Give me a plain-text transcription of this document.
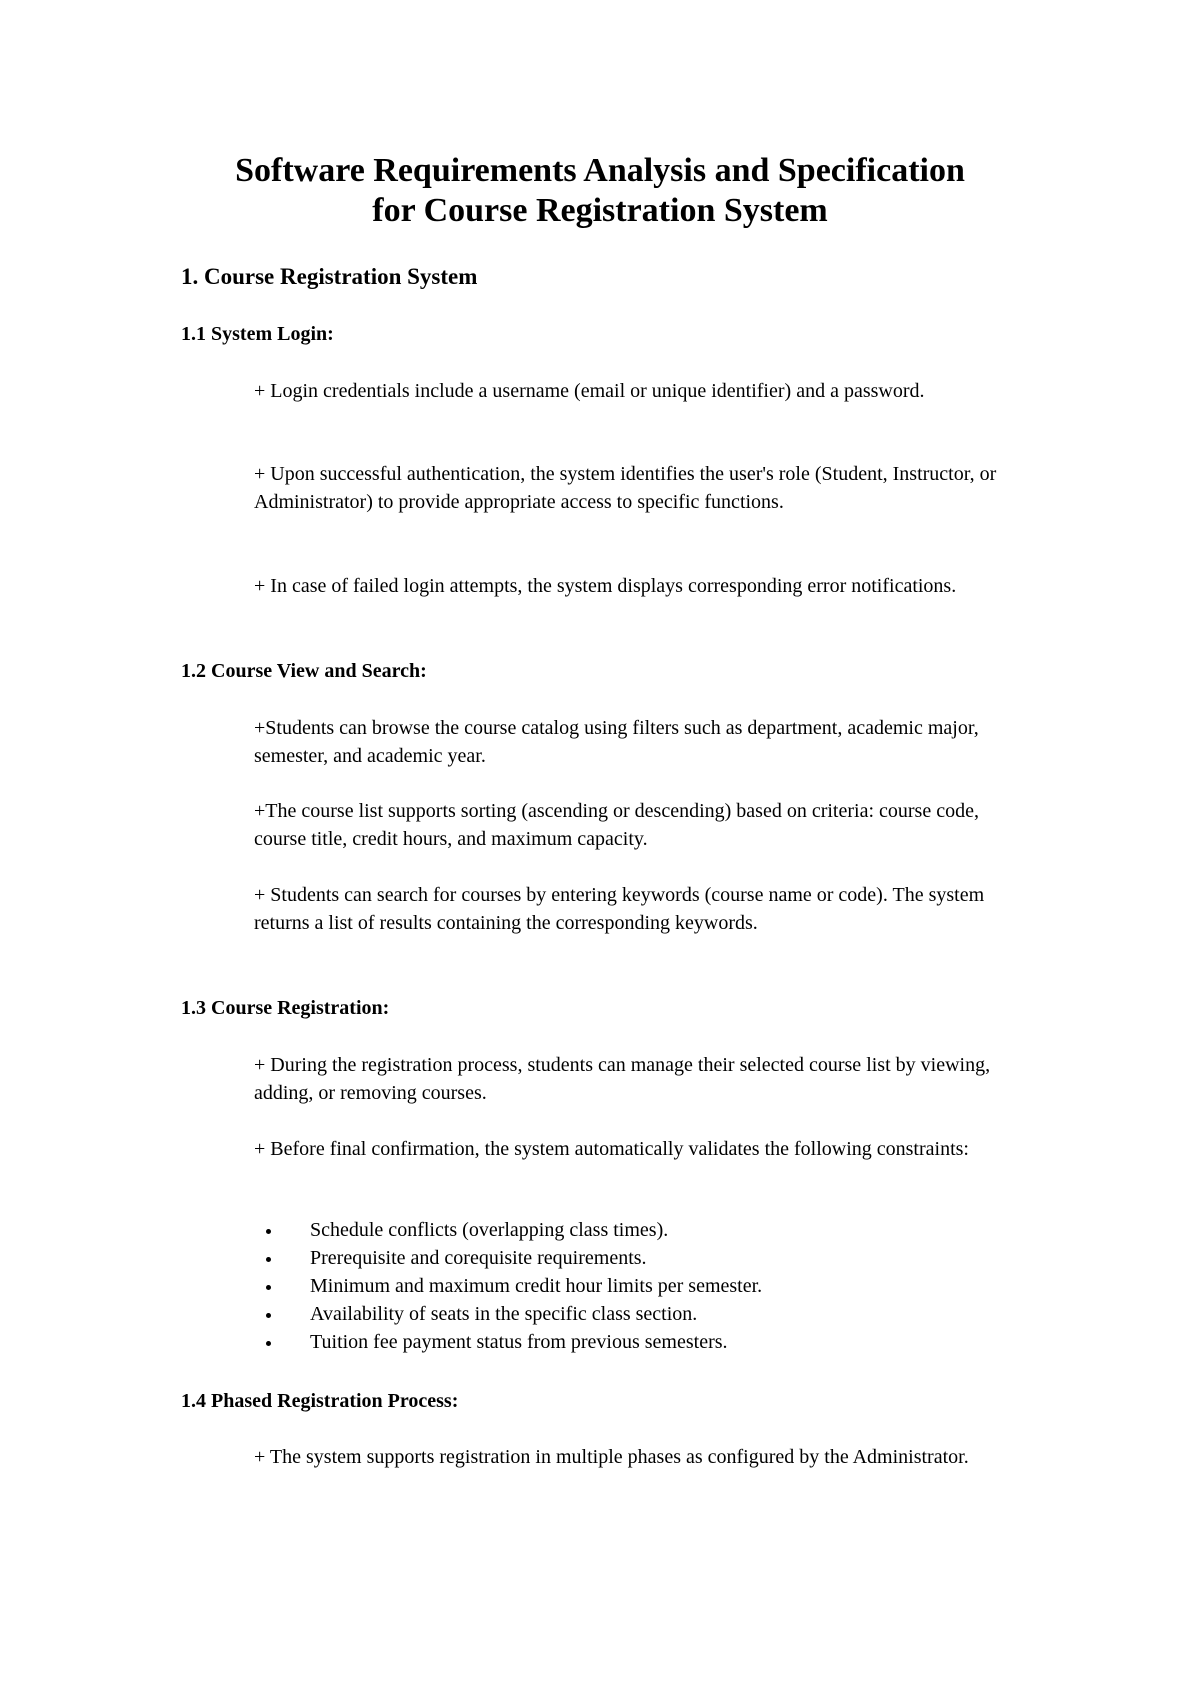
Software Requirements Analysis and Specification
for Course Registration System
1. Course Registration System
1.1 System Login:

+ Login credentials include a username (email or unique identifier) and a password.

+ Upon successful authentication, the system identifies the user's role (Student, Instructor, or Administrator) to provide appropriate access to specific functions.

+ In case of failed login attempts, the system displays corresponding error notifications.

1.2 Course View and Search:

+Students can browse the course catalog using filters such as department, academic major, semester, and academic year.

+The course list supports sorting (ascending or descending) based on criteria: course code, course title, credit hours, and maximum capacity.

+ Students can search for courses by entering keywords (course name or code). The system returns a list of results containing the corresponding keywords.

1.3 Course Registration:

+ During the registration process, students can manage their selected course list by viewing, adding, or removing courses.

+ Before final confirmation, the system automatically validates the following constraints:

Schedule conflicts (overlapping class times).
Prerequisite and corequisite requirements.
Minimum and maximum credit hour limits per semester.
Availability of seats in the specific class section.
Tuition fee payment status from previous semesters.
1.4 Phased Registration Process:

+ The system supports registration in multiple phases as configured by the Administrator.
